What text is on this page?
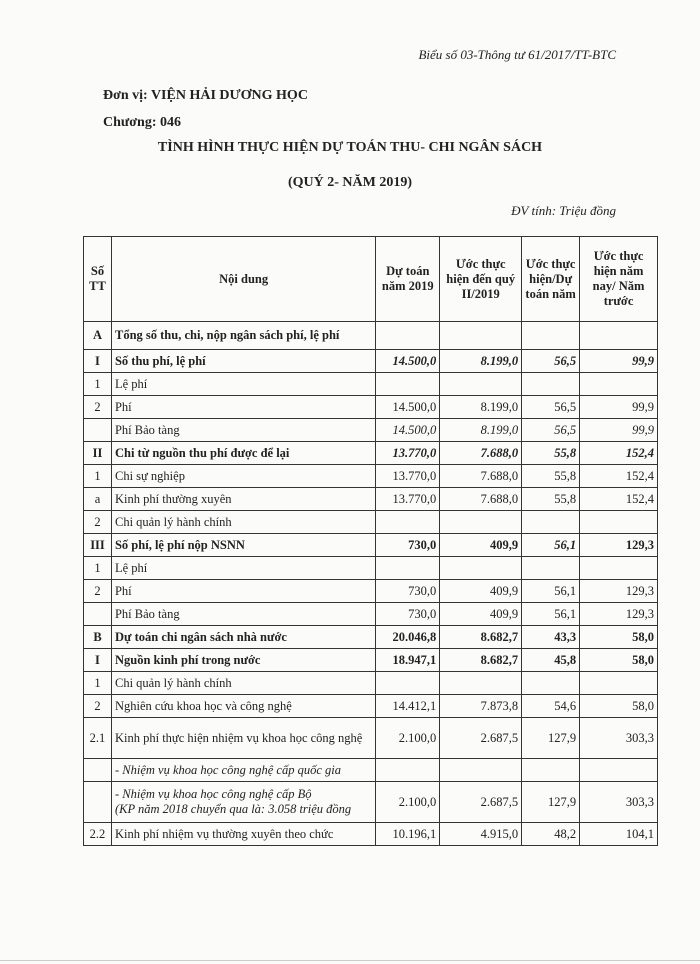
Biểu số 03-Thông tư 61/2017/TT-BTC
Đơn vị: VIỆN HẢI DƯƠNG HỌC
Chương: 046
TÌNH HÌNH THỰC HIỆN DỰ TOÁN THU- CHI NGÂN SÁCH
(QUÝ 2- NĂM 2019)
ĐV tính: Triệu đồng
Số TT	Nội dung	Dự toán năm 2019	Ước thực hiện đến quý II/2019	Ước thực hiện/Dự toán năm	Ước thực hiện năm nay/ Năm trước
A	Tổng số thu, chi, nộp ngân sách phí, lệ phí				
I	Số thu phí, lệ phí	14.500,0	8.199,0	56,5	99,9
1	Lệ phí				
2	Phí	14.500,0	8.199,0	56,5	99,9
	Phí Bảo tàng	14.500,0	8.199,0	56,5	99,9
II	Chi từ nguồn thu phí được để lại	13.770,0	7.688,0	55,8	152,4
1	Chi sự nghiệp	13.770,0	7.688,0	55,8	152,4
a	Kinh phí thường xuyên	13.770,0	7.688,0	55,8	152,4
2	Chi quản lý hành chính				
III	Số phí, lệ phí nộp NSNN	730,0	409,9	56,1	129,3
1	Lệ phí				
2	Phí	730,0	409,9	56,1	129,3
	Phí Bảo tàng	730,0	409,9	56,1	129,3
B	Dự toán chi ngân sách nhà nước	20.046,8	8.682,7	43,3	58,0
I	Nguồn kinh phí trong nước	18.947,1	8.682,7	45,8	58,0
1	Chi quản lý hành chính				
2	Nghiên cứu khoa học và công nghệ	14.412,1	7.873,8	54,6	58,0
2.1	Kinh phí thực hiện nhiệm vụ khoa học công nghệ	2.100,0	2.687,5	127,9	303,3
	- Nhiệm vụ khoa học công nghệ cấp quốc gia				

	- Nhiệm vụ khoa học công nghệ cấp Bộ
(KP năm 2018 chuyển qua là: 3.058 triệu đồng	2.100,0	2.687,5	127,9	303,3
2.2	Kinh phí nhiệm vụ thường xuyên theo chức	10.196,1	4.915,0	48,2	104,1
